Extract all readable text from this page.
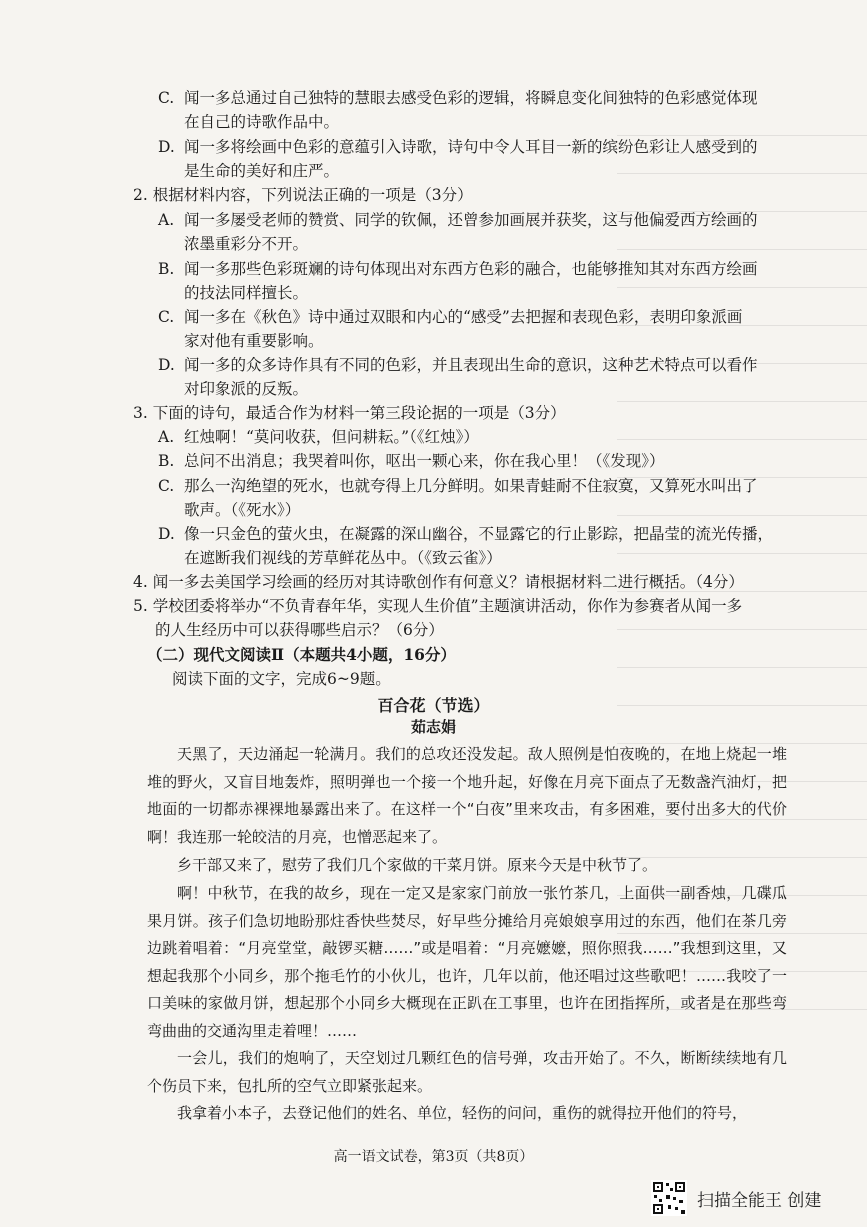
C. 闻一多总通过自己独特的慧眼去感受色彩的逻辑，将瞬息变化间独特的色彩感觉体现
在自己的诗歌作品中。
D. 闻一多将绘画中色彩的意蕴引入诗歌，诗句中令人耳目一新的缤纷色彩让人感受到的
是生命的美好和庄严。
2. 根据材料内容，下列说法正确的一项是（3分）
A. 闻一多屡受老师的赞赏、同学的钦佩，还曾参加画展并获奖，这与他偏爱西方绘画的
浓墨重彩分不开。
B. 闻一多那些色彩斑斓的诗句体现出对东西方色彩的融合，也能够推知其对东西方绘画
的技法同样擅长。
C. 闻一多在《秋色》诗中通过双眼和内心的“感受”去把握和表现色彩，表明印象派画
家对他有重要影响。
D. 闻一多的众多诗作具有不同的色彩，并且表现出生命的意识，这种艺术特点可以看作
对印象派的反叛。
3. 下面的诗句，最适合作为材料一第三段论据的一项是（3分）
A. 红烛啊！“莫问收获，但问耕耘。”（《红烛》）
B. 总问不出消息；我哭着叫你，呕出一颗心来，你在我心里！（《发现》）
C. 那么一沟绝望的死水，也就夸得上几分鲜明。如果青蛙耐不住寂寞，又算死水叫出了
歌声。（《死水》）
D. 像一只金色的萤火虫，在凝露的深山幽谷，不显露它的行止影踪，把晶莹的流光传播，
在遮断我们视线的芳草鲜花丛中。（《致云雀》）
4. 闻一多去美国学习绘画的经历对其诗歌创作有何意义？请根据材料二进行概括。（4分）
5. 学校团委将举办“不负青春年华，实现人生价值”主题演讲活动，你作为参赛者从闻一多
的人生经历中可以获得哪些启示？（6分）
（二）现代文阅读Ⅱ（本题共4小题，16分）
阅读下面的文字，完成6~9题。
百合花（节选）
茹志娟
天黑了，天边涌起一轮满月。我们的总攻还没发起。敌人照例是怕夜晚的，在地上烧起一堆堆的野火，又盲目地轰炸，照明弹也一个接一个地升起，好像在月亮下面点了无数盏汽油灯，把地面的一切都赤裸裸地暴露出来了。在这样一个“白夜”里来攻击，有多困难，要付出多大的代价啊！我连那一轮皎洁的月亮，也憎恶起来了。
乡干部又来了，慰劳了我们几个家做的干菜月饼。原来今天是中秋节了。
啊！中秋节，在我的故乡，现在一定又是家家门前放一张竹茶几，上面供一副香烛，几碟瓜果月饼。孩子们急切地盼那炷香快些焚尽，好早些分摊给月亮娘娘享用过的东西，他们在茶几旁边跳着唱着：“月亮堂堂，敲锣买糖……”或是唱着：“月亮嬷嬷，照你照我……”我想到这里，又想起我那个小同乡，那个拖毛竹的小伙儿，也许，几年以前，他还唱过这些歌吧！……我咬了一口美味的家做月饼，想起那个小同乡大概现在正趴在工事里，也许在团指挥所，或者是在那些弯弯曲曲的交通沟里走着哩！……
一会儿，我们的炮响了，天空划过几颗红色的信号弹，攻击开始了。不久，断断续续地有几个伤员下来，包扎所的空气立即紧张起来。
我拿着小本子，去登记他们的姓名、单位，轻伤的问问，重伤的就得拉开他们的符号，
高一语文试卷，第3页（共8页）
扫描全能王 创建
